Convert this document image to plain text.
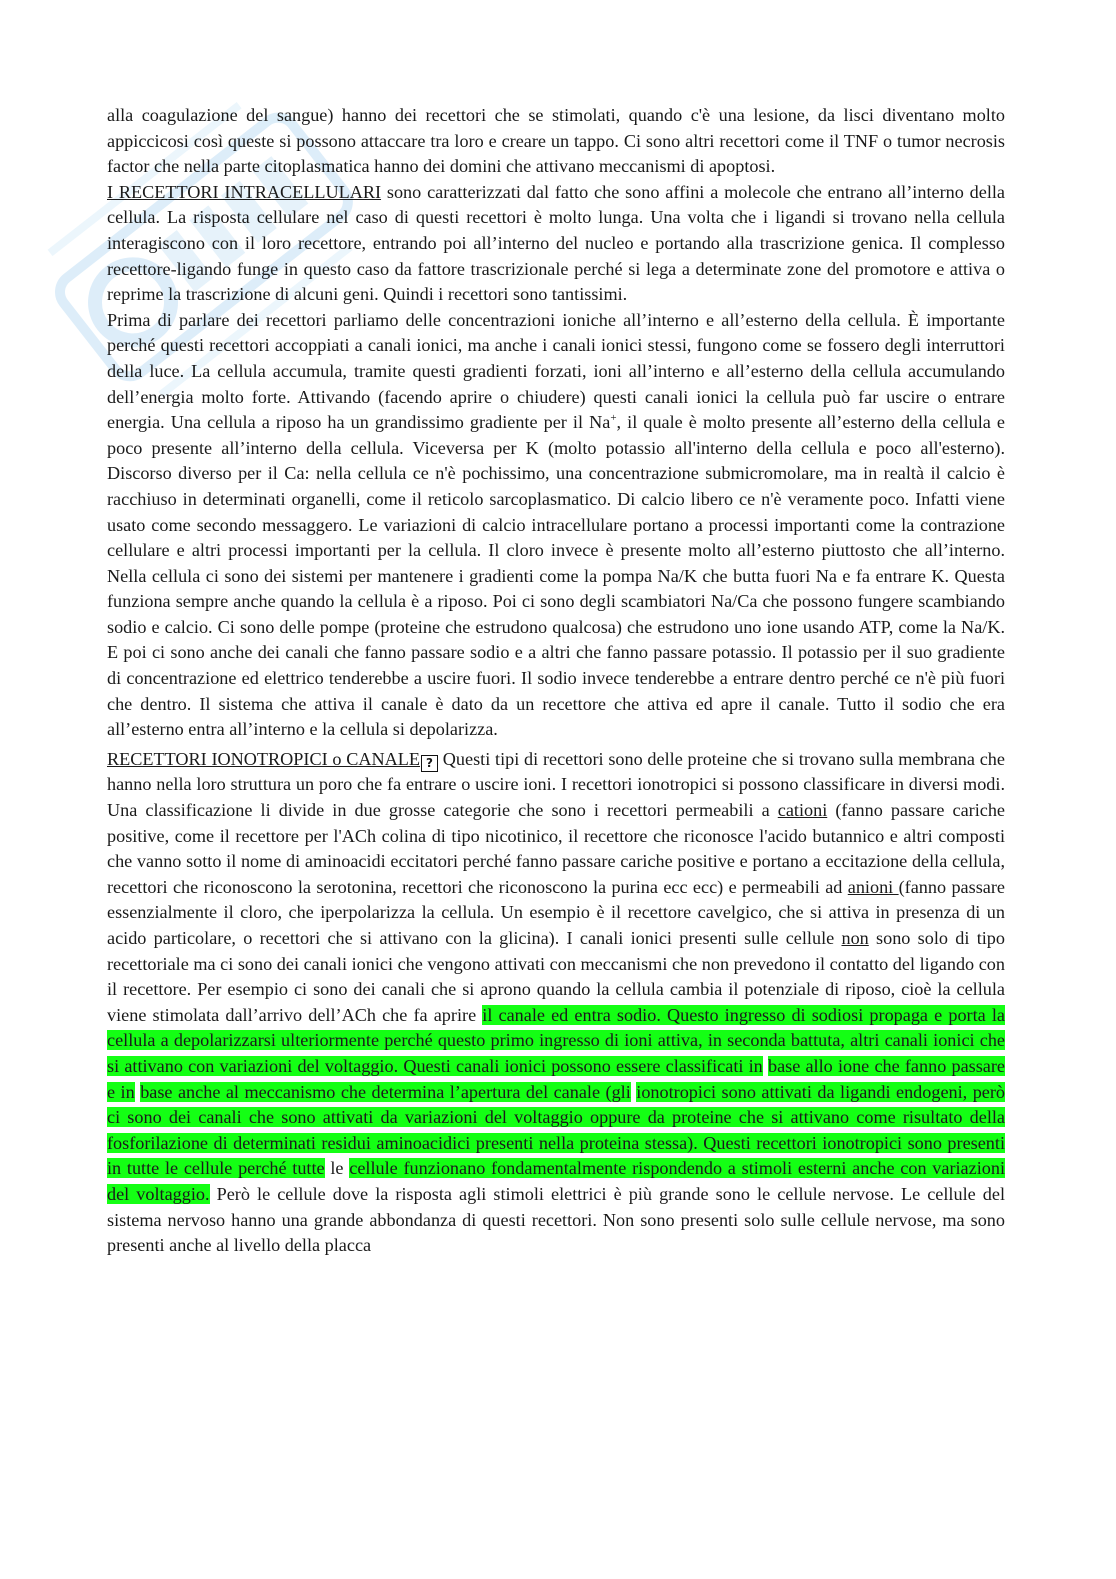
alla coagulazione del sangue) hanno dei recettori che se stimolati, quando c'è una lesione, da lisci diventano molto appiccicosi così queste si possono attaccare tra loro e creare un tappo. Ci sono altri recettori come il TNF o tumor necrosis factor che nella parte citoplasmatica hanno dei domini che attivano meccanismi di apoptosi.

I RECETTORI INTRACELLULARI sono caratterizzati dal fatto che sono affini a molecole che entrano all’interno della cellula. La risposta cellulare nel caso di questi recettori è molto lunga. Una volta che i ligandi si trovano nella cellula interagiscono con il loro recettore, entrando poi all’interno del nucleo e portando alla trascrizione genica. Il complesso recettore-ligando funge in questo caso da fattore trascrizionale perché si lega a determinate zone del promotore e attiva o reprime la trascrizione di alcuni geni. Quindi i recettori sono tantissimi.

Prima di parlare dei recettori parliamo delle concentrazioni ioniche all’interno e all’esterno della cellula. È importante perché questi recettori accoppiati a canali ionici, ma anche i canali ionici stessi, fungono come se fossero degli interruttori della luce. La cellula accumula, tramite questi gradienti forzati, ioni all’interno e all’esterno della cellula accumulando dell’energia molto forte. Attivando (facendo aprire o chiudere) questi canali ionici la cellula può far uscire o entrare energia. Una cellula a riposo ha un grandissimo gradiente per il Na+, il quale è molto presente all’esterno della cellula e poco presente all’interno della cellula. Viceversa per K (molto potassio all'interno della cellula e poco all'esterno). Discorso diverso per il Ca: nella cellula ce n'è pochissimo, una concentrazione submicromolare, ma in realtà il calcio è racchiuso in determinati organelli, come il reticolo sarcoplasmatico. Di calcio libero ce n'è veramente poco. Infatti viene usato come secondo messaggero. Le variazioni di calcio intracellulare portano a processi importanti come la contrazione cellulare e altri processi importanti per la cellula. Il cloro invece è presente molto all’esterno piuttosto che all’interno. Nella cellula ci sono dei sistemi per mantenere i gradienti come la pompa Na/K che butta fuori Na e fa entrare K. Questa funziona sempre anche quando la cellula è a riposo. Poi ci sono degli scambiatori Na/Ca che possono fungere scambiando sodio e calcio. Ci sono delle pompe (proteine che estrudono qualcosa) che estrudono uno ione usando ATP, come la Na/K. E poi ci sono anche dei canali che fanno passare sodio e a altri che fanno passare potassio. Il potassio per il suo gradiente di concentrazione ed elettrico tenderebbe a uscire fuori. Il sodio invece tenderebbe a entrare dentro perché ce n'è più fuori che dentro. Il sistema che attiva il canale è dato da un recettore che attiva ed apre il canale. Tutto il sodio che era all’esterno entra all’interno e la cellula si depolarizza.

RECETTORI IONOTROPICI o CANALE ? Questi tipi di recettori sono delle proteine che si trovano sulla membrana che hanno nella loro struttura un poro che fa entrare o uscire ioni. I recettori ionotropici si possono classificare in diversi modi. Una classificazione li divide in due grosse categorie che sono i recettori permeabili a cationi (fanno passare cariche positive, come il recettore per l'ACh colina di tipo nicotinico, il recettore che riconosce l'acido butannico e altri composti che vanno sotto il nome di aminoacidi eccitatori perché fanno passare cariche positive e portano a eccitazione della cellula, recettori che riconoscono la serotonina, recettori che riconoscono la purina ecc ecc) e permeabili ad anioni (fanno passare essenzialmente il cloro, che iperpolarizza la cellula. Un esempio è il recettore cavelgico, che si attiva in presenza di un acido particolare, o recettori che si attivano con la glicina). I canali ionici presenti sulle cellule non sono solo di tipo recettoriale ma ci sono dei canali ionici che vengono attivati con meccanismi che non prevedono il contatto del ligando con il recettore. Per esempio ci sono dei canali che si aprono quando la cellula cambia il potenziale di riposo, cioè la cellula viene stimolata dall’arrivo dell’ACh che fa aprire il canale ed entra sodio. Questo ingresso di sodiosi propaga e porta la cellula a depolarizzarsi ulteriormente perché questo primo ingresso di ioni attiva, in seconda battuta, altri canali ionici che si attivano con variazioni del voltaggio. Questi canali ionici possono essere classificati in base allo ione che fanno passare e in base anche al meccanismo che determina l’apertura del canale (gli ionotropici sono attivati da ligandi endogeni, però ci sono dei canali che sono attivati da variazioni del voltaggio oppure da proteine che si attivano come risultato della fosforilazione di determinati residui aminoacidici presenti nella proteina stessa). Questi recettori ionotropici sono presenti in tutte le cellule perché tutte le cellule funzionano fondamentalmente rispondendo a stimoli esterni anche con variazioni del voltaggio. Però le cellule dove la risposta agli stimoli elettrici è più grande sono le cellule nervose. Le cellule del sistema nervoso hanno una grande abbondanza di questi recettori. Non sono presenti solo sulle cellule nervose, ma sono presenti anche al livello della placca
